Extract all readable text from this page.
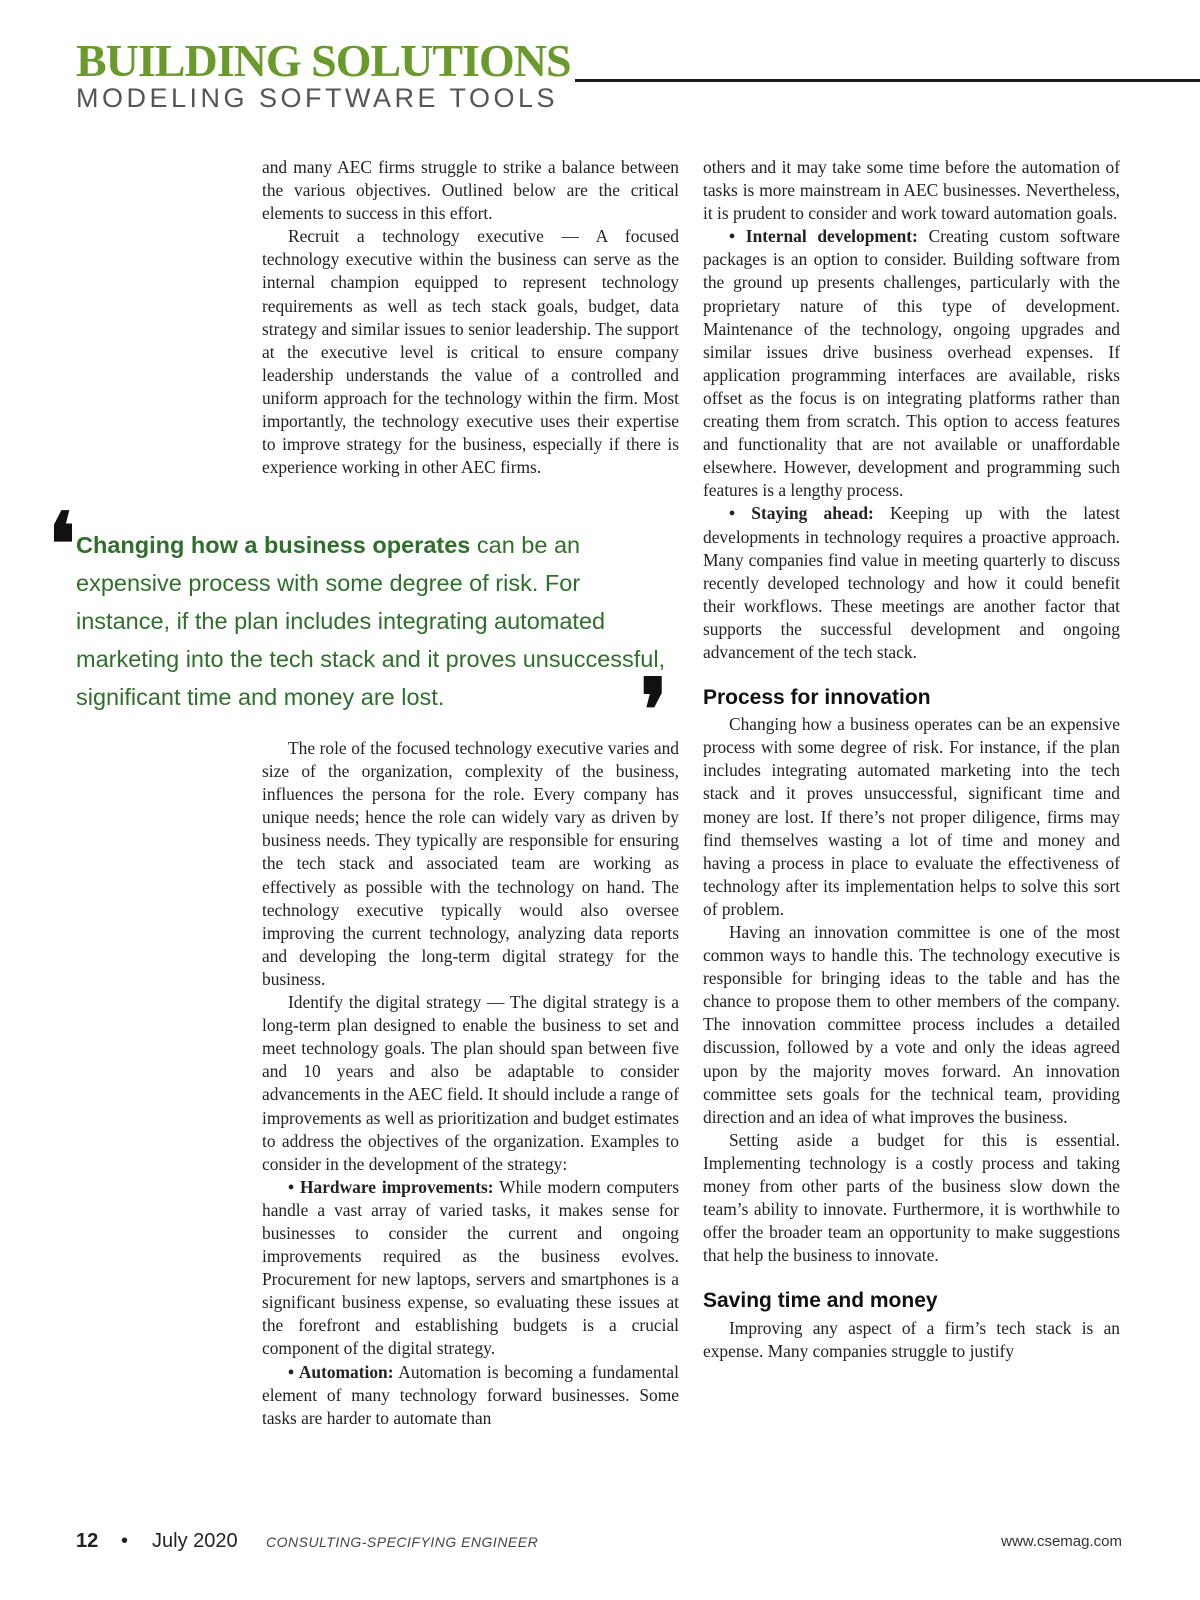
BUILDING SOLUTIONS
MODELING SOFTWARE TOOLS

and many AEC firms struggle to strike a balance between the various objectives. Outlined below are the critical elements to success in this effort.

Recruit a technology executive — A focused technology executive within the business can serve as the internal champion equipped to represent technology requirements as well as tech stack goals, budget, data strategy and similar issues to senior leadership. The support at the executive level is critical to ensure company leadership understands the value of a controlled and uniform approach for the technology within the firm. Most importantly, the technology executive uses their expertise to improve strategy for the business, especially if there is experience working in other AEC firms.

❛ Changing how a business operates can be an expensive process with some degree of risk. For instance, if the plan includes integrating automated marketing into the tech stack and it proves unsuccessful, significant time and money are lost.	❜

The role of the focused technology executive varies and size of the organization, complexity of the business, influences the persona for the role. Every company has unique needs; hence the role can widely vary as driven by business needs. They typically are responsible for ensuring the tech stack and associated team are working as effectively as possible with the technology on hand. The technology executive typically would also oversee improving the current technology, analyzing data reports and developing the long-term digital strategy for the business.

Identify the digital strategy — The digital strategy is a long-term plan designed to enable the business to set and meet technology goals. The plan should span between five and 10 years and also be adaptable to consider advancements in the AEC field. It should include a range of improvements as well as prioritization and budget estimates to address the objectives of the organization. Examples to consider in the development of the strategy:

• Hardware improvements: While modern computers handle a vast array of varied tasks, it makes sense for businesses to consider the current and ongoing improvements required as the business evolves. Procurement for new laptops, servers and smartphones is a significant business expense, so evaluating these issues at the forefront and establishing budgets is a crucial component of the digital strategy.

• Automation: Automation is becoming a fundamental element of many technology forward businesses. Some tasks are harder to automate than

others and it may take some time before the automation of tasks is more mainstream in AEC businesses. Nevertheless, it is prudent to consider and work toward automation goals.

• Internal development: Creating custom software packages is an option to consider. Building software from the ground up presents challenges, particularly with the proprietary nature of this type of development. Maintenance of the technology, ongoing upgrades and similar issues drive business overhead expenses. If application programming interfaces are available, risks offset as the focus is on integrating platforms rather than creating them from scratch. This option to access features and functionality that are not available or unaffordable elsewhere. However, development and programming such features is a lengthy process.

• Staying ahead: Keeping up with the latest developments in technology requires a proactive approach. Many companies find value in meeting quarterly to discuss recently developed technology and how it could benefit their workflows. These meetings are another factor that supports the successful development and ongoing advancement of the tech stack.

Process for innovation

Changing how a business operates can be an expensive process with some degree of risk. For instance, if the plan includes integrating automated marketing into the tech stack and it proves unsuccessful, significant time and money are lost. If there’s not proper diligence, firms may find themselves wasting a lot of time and money and having a process in place to evaluate the effectiveness of technology after its implementation helps to solve this sort of problem.

Having an innovation committee is one of the most common ways to handle this. The technology executive is responsible for bringing ideas to the table and has the chance to propose them to other members of the company. The innovation committee process includes a detailed discussion, followed by a vote and only the ideas agreed upon by the majority moves forward. An innovation committee sets goals for the technical team, providing direction and an idea of what improves the business.

Setting aside a budget for this is essential. Implementing technology is a costly process and taking money from other parts of the business slow down the team’s ability to innovate. Furthermore, it is worthwhile to offer the broader team an opportunity to make suggestions that help the business to innovate.

Saving time and money

Improving any aspect of a firm’s tech stack is an expense. Many companies struggle to justify

12 • July 2020 CONSULTING-SPECIFYING ENGINEER	www.csemag.com
